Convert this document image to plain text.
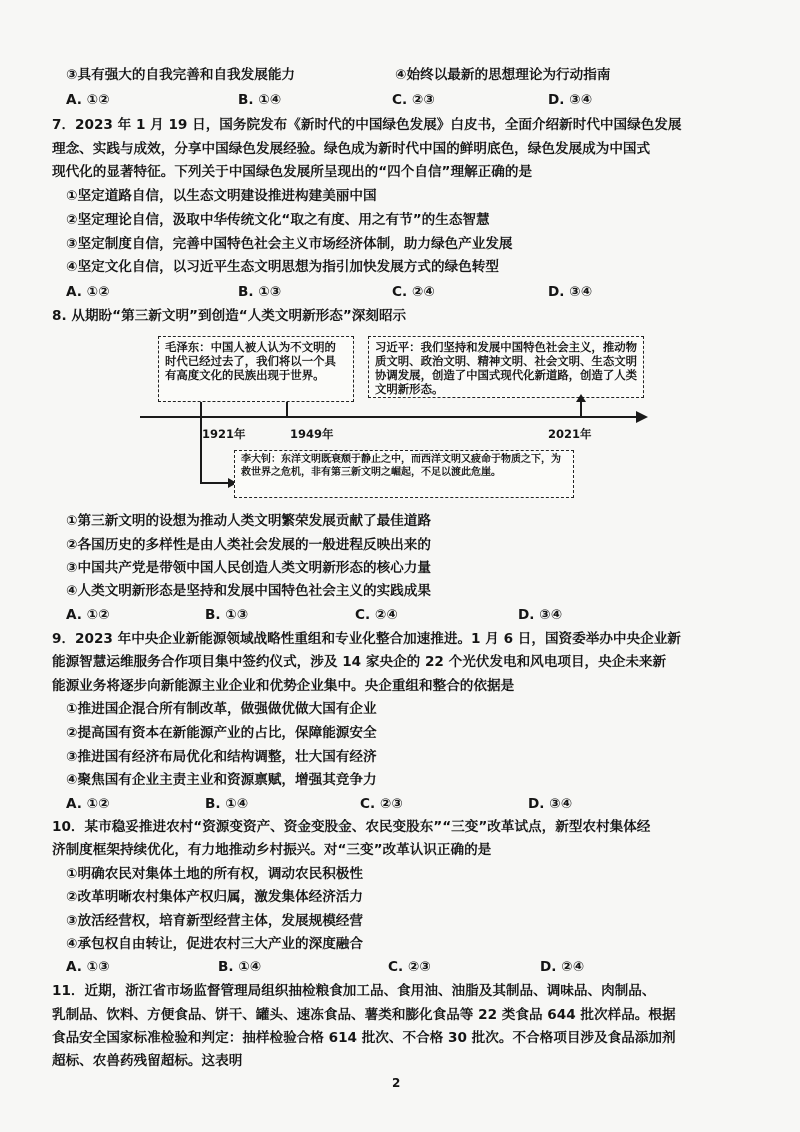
③具有强大的自我完善和自我发展能力	④始终以最新的思想理论为行动指南
A. ①②	B. ①④	C. ②③	D. ③④
7．2023 年 1 月 19 日，国务院发布《新时代的中国绿色发展》白皮书，全面介绍新时代中国绿色发展
理念、实践与成效，分享中国绿色发展经验。绿色成为新时代中国的鲜明底色，绿色发展成为中国式
现代化的显著特征。下列关于中国绿色发展所呈现出的“四个自信”理解正确的是
①坚定道路自信，以生态文明建设推进构建美丽中国
②坚定理论自信，汲取中华传统文化“取之有度、用之有节”的生态智慧
③坚定制度自信，完善中国特色社会主义市场经济体制，助力绿色产业发展
④坚定文化自信，以习近平生态文明思想为指引加快发展方式的绿色转型
A. ①②	B. ①③	C. ②④	D. ③④
8. 从期盼“第三新文明”到创造“人类文明新形态”深刻昭示
毛泽东：中国人被人认为不文明的时代已经过去了，我们将以一个具有高度文化的民族出现于世界。
习近平：我们坚持和发展中国特色社会主义，推动物质文明、政治文明、精神文明、社会文明、生态文明协调发展，创造了中国式现代化新道路，创造了人类文明新形态。
1921年	1949年	2021年
李大钊：东洋文明既衰颓于静止之中，而西洋文明又疲命于物质之下，为救世界之危机，非有第三新文明之崛起，不足以渡此危崖。
①第三新文明的设想为推动人类文明繁荣发展贡献了最佳道路
②各国历史的多样性是由人类社会发展的一般进程反映出来的
③中国共产党是带领中国人民创造人类文明新形态的核心力量
④人类文明新形态是坚持和发展中国特色社会主义的实践成果
A. ①②	B. ①③	C. ②④	D. ③④
9．2023 年中央企业新能源领域战略性重组和专业化整合加速推进。1 月 6 日，国资委举办中央企业新
能源智慧运维服务合作项目集中签约仪式，涉及 14 家央企的 22 个光伏发电和风电项目，央企未来新
能源业务将逐步向新能源主业企业和优势企业集中。央企重组和整合的依据是
①推进国企混合所有制改革，做强做优做大国有企业
②提高国有资本在新能源产业的占比，保障能源安全
③推进国有经济布局优化和结构调整，壮大国有经济
④聚焦国有企业主责主业和资源禀赋，增强其竞争力
A. ①②	B. ①④	C. ②③	D. ③④
10．某市稳妥推进农村“资源变资产、资金变股金、农民变股东”“三变”改革试点，新型农村集体经
济制度框架持续优化，有力地推动乡村振兴。对“三变”改革认识正确的是
①明确农民对集体土地的所有权，调动农民积极性
②改革明晰农村集体产权归属，激发集体经济活力
③放活经营权，培育新型经营主体，发展规模经营
④承包权自由转让，促进农村三大产业的深度融合
A. ①③	B. ①④	C. ②③	D. ②④
11．近期，浙江省市场监督管理局组织抽检粮食加工品、食用油、油脂及其制品、调味品、肉制品、
乳制品、饮料、方便食品、饼干、罐头、速冻食品、薯类和膨化食品等 22 类食品 644 批次样品。根据
食品安全国家标准检验和判定：抽样检验合格 614 批次、不合格 30 批次。不合格项目涉及食品添加剂
超标、农兽药残留超标。这表明
2
